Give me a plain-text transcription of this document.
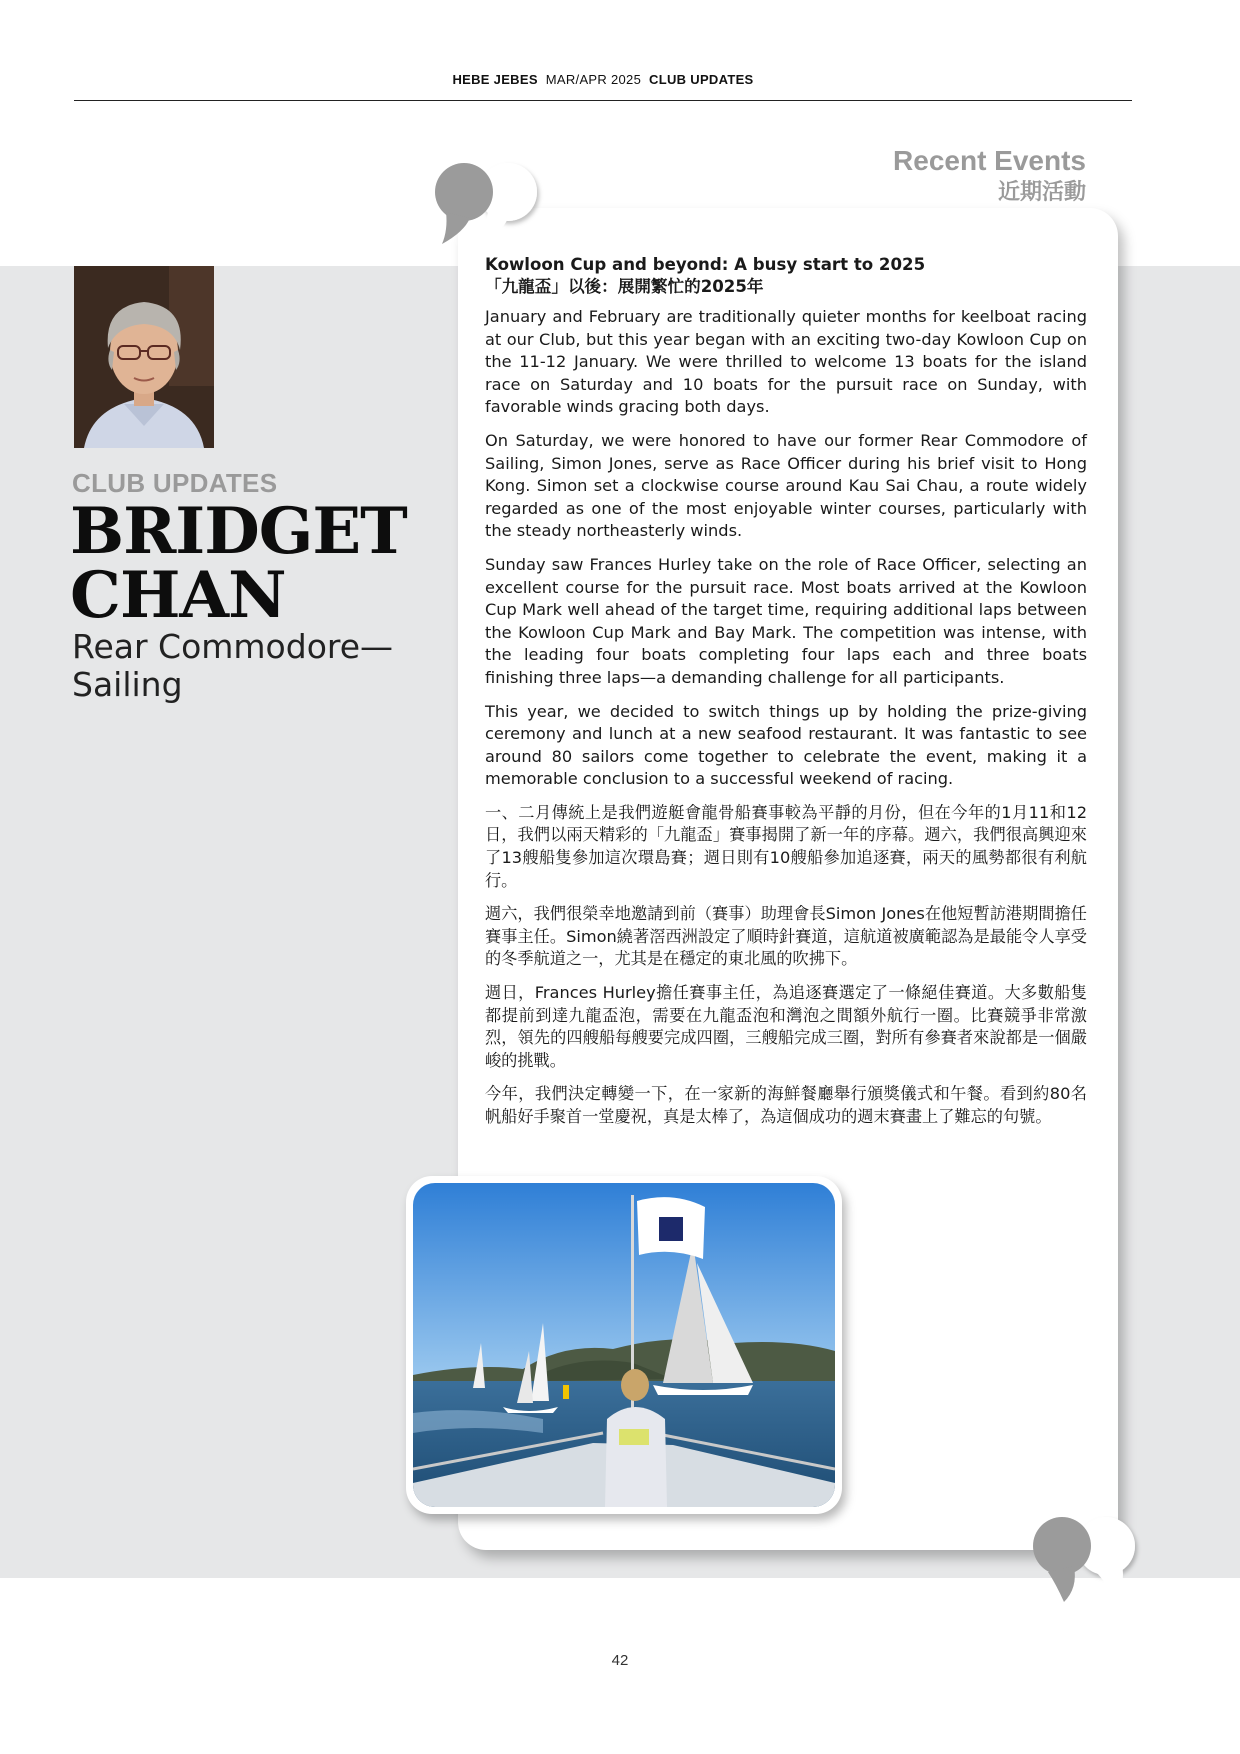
HEBE JEBES MAR/APR 2025 CLUB UPDATES
Recent Events
近期活動
Kowloon Cup and beyond: A busy start to 2025
「九龍盃」以後：展開繁忙的2025年

January and February are traditionally quieter months for keelboat racing at our Club, but this year began with an exciting two-day Kowloon Cup on the 11-12 January. We were thrilled to welcome 13 boats for the island race on Saturday and 10 boats for the pursuit race on Sunday, with favorable winds gracing both days.

On Saturday, we were honored to have our former Rear Commodore of Sailing, Simon Jones, serve as Race Officer during his brief visit to Hong Kong. Simon set a clockwise course around Kau Sai Chau, a route widely regarded as one of the most enjoyable winter courses, particularly with the steady northeasterly winds.

Sunday saw Frances Hurley take on the role of Race Officer, selecting an excellent course for the pursuit race. Most boats arrived at the Kowloon Cup Mark well ahead of the target time, requiring additional laps between the Kowloon Cup Mark and Bay Mark. The competition was intense, with the leading four boats completing four laps each and three boats finishing three laps—a demanding challenge for all participants.

This year, we decided to switch things up by holding the prize-giving ceremony and lunch at a new seafood restaurant. It was fantastic to see around 80 sailors come together to celebrate the event, making it a memorable conclusion to a successful weekend of racing.

一、二月傳統上是我們遊艇會龍骨船賽事較為平靜的月份，但在今年的1月11和12日，我們以兩天精彩的「九龍盃」賽事揭開了新一年的序幕。週六，我們很高興迎來了13艘船隻參加這次環島賽；週日則有10艘船參加追逐賽，兩天的風勢都很有利航行。

週六，我們很榮幸地邀請到前（賽事）助理會長Simon Jones在他短暫訪港期間擔任賽事主任。Simon繞著滘西洲設定了順時針賽道，這航道被廣範認為是最能令人享受的冬季航道之一，尤其是在穩定的東北風的吹拂下。

週日，Frances Hurley擔任賽事主任，為追逐賽選定了一條絕佳賽道。大多數船隻都提前到達九龍盃泡，需要在九龍盃泡和灣泡之間額外航行一圈。比賽競爭非常激烈，領先的四艘船每艘要完成四圈，三艘船完成三圈，對所有參賽者來說都是一個嚴峻的挑戰。

今年，我們決定轉變一下，在一家新的海鮮餐廳舉行頒獎儀式和午餐。看到約80名帆船好手聚首一堂慶祝，真是太棒了，為這個成功的週末賽畫上了難忘的句號。

CLUB UPDATES
BRIDGET
CHAN
Rear Commodore—
Sailing
42
